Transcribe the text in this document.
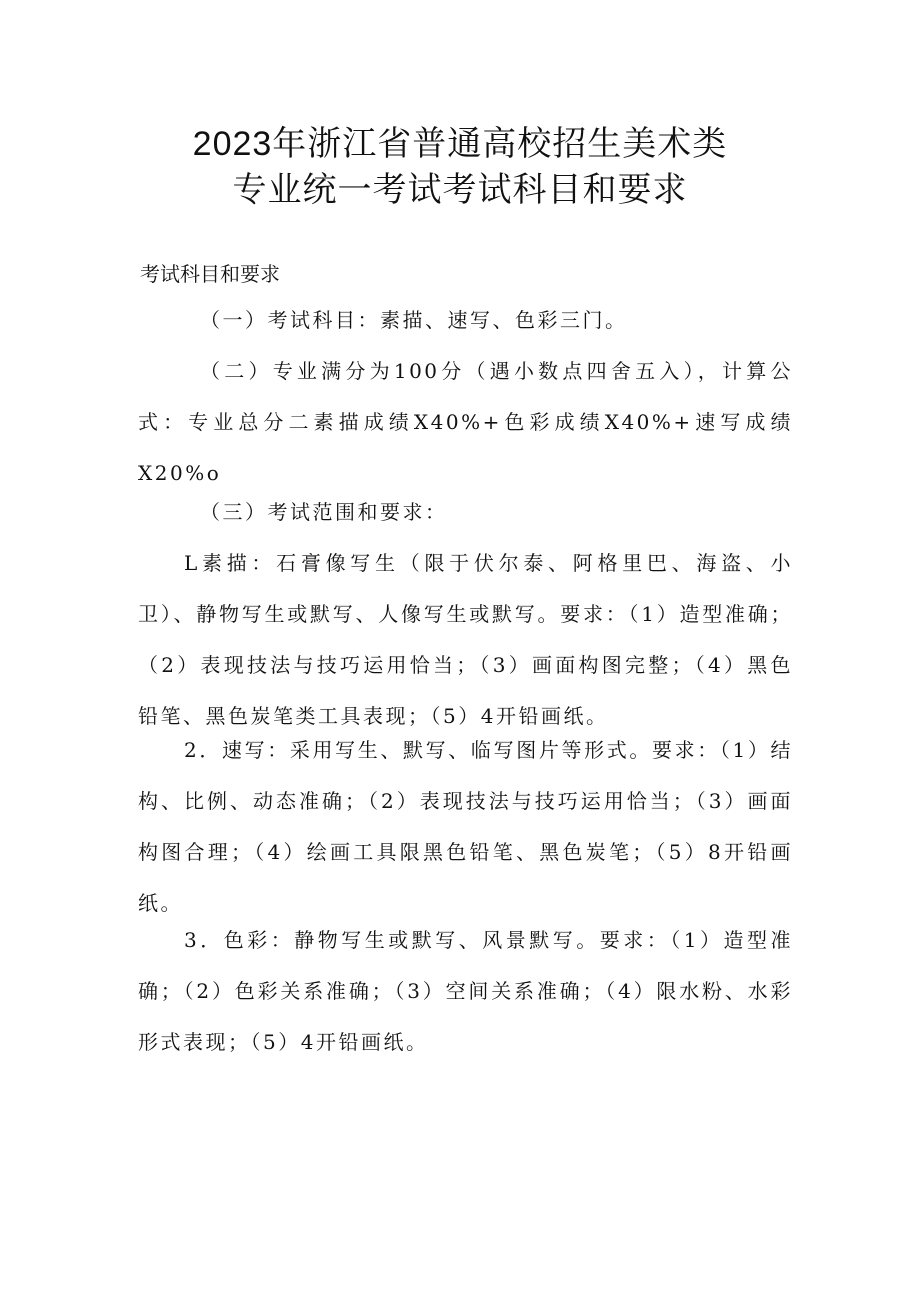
2023年浙江省普通高校招生美术类
专业统一考试考试科目和要求
考试科目和要求

（一）考试科目：素描、速写、色彩三门。

（二）专业满分为100分（遇小数点四舍五入），计算公式：专业总分二素描成绩X40%+色彩成绩X40%+速写成绩X20%o

（三）考试范围和要求：

L素描：石膏像写生（限于伏尔泰、阿格里巴、海盗、小卫）、静物写生或默写、人像写生或默写。要求：（1）造型准确；（2）表现技法与技巧运用恰当；（3）画面构图完整；（4）黑色铅笔、黑色炭笔类工具表现；（5）4开铅画纸。

2．速写：采用写生、默写、临写图片等形式。要求：（1）结构、比例、动态准确；（2）表现技法与技巧运用恰当；（3）画面构图合理；（4）绘画工具限黑色铅笔、黑色炭笔；（5）8开铅画纸。

3．色彩：静物写生或默写、风景默写。要求：（1）造型准确；（2）色彩关系准确；（3）空间关系准确；（4）限水粉、水彩形式表现；（5）4开铅画纸。
